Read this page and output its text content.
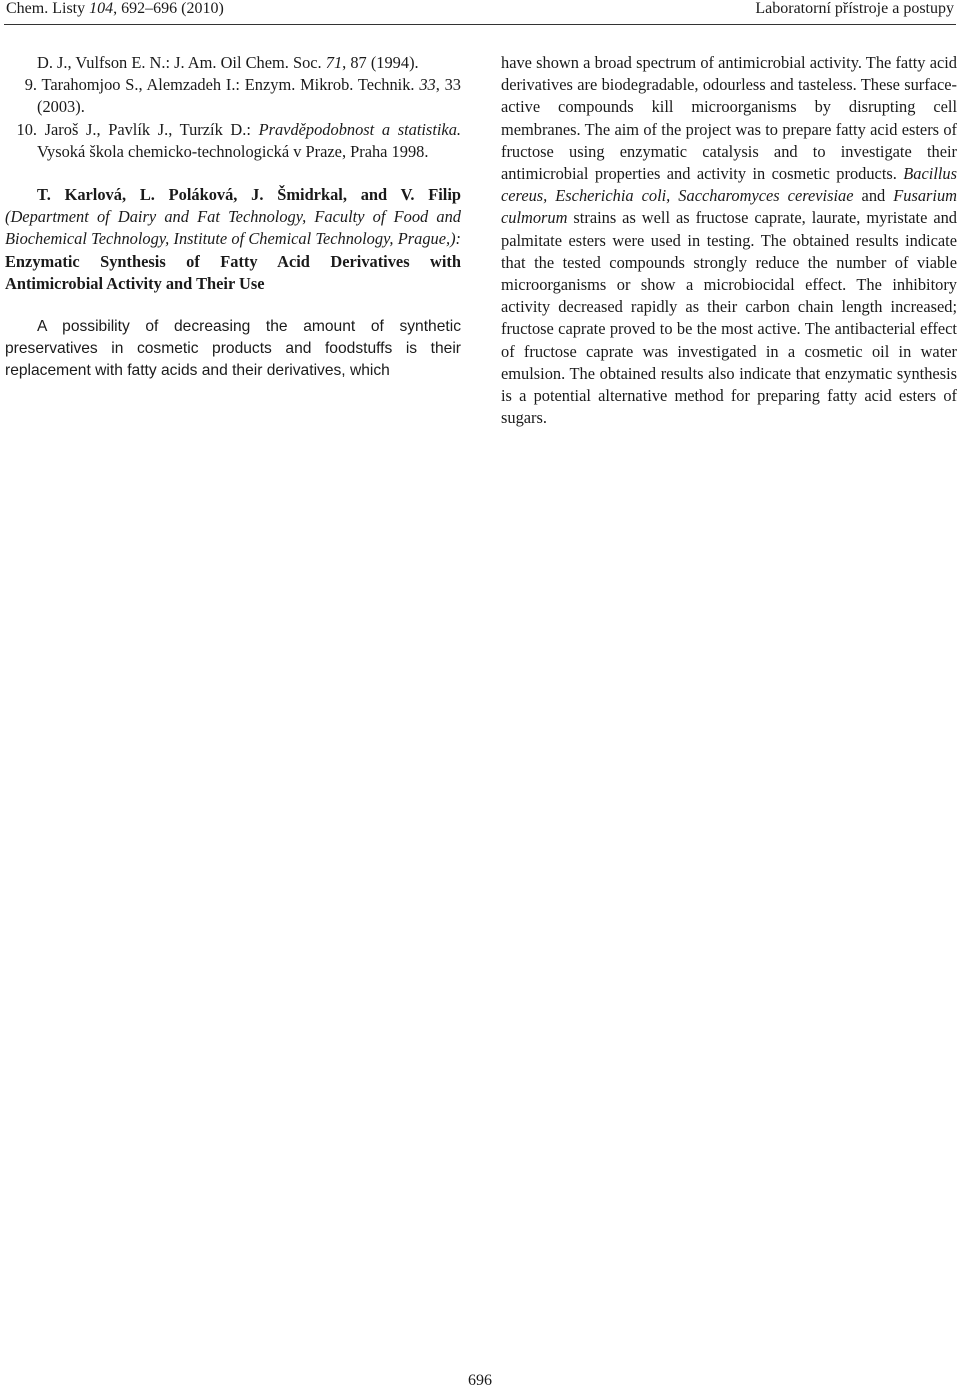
Chem. Listy 104, 692–696 (2010)	Laboratorní přístroje a postupy
D. J., Vulfson E. N.: J. Am. Oil Chem. Soc. 71, 87 (1994).
9. Tarahomjoo S., Alemzadeh I.: Enzym. Mikrob. Technik. 33, 33 (2003).
10. Jaroš J., Pavlík J., Turzík D.: Pravděpodobnost a statistika. Vysoká škola chemicko-technologická v Praze, Praha 1998.
T. Karlová, L. Poláková, J. Šmidrkal, and V. Filip (Department of Dairy and Fat Technology, Faculty of Food and Biochemical Technology, Institute of Chemical Technology, Prague,): Enzymatic Synthesis of Fatty Acid Derivatives with Antimicrobial Activity and Their Use
A possibility of decreasing the amount of synthetic preservatives in cosmetic products and foodstuffs is their replacement with fatty acids and their derivatives, which
have shown a broad spectrum of antimicrobial activity. The fatty acid derivatives are biodegradable, odourless and tasteless. These surface-active compounds kill microorganisms by disrupting cell membranes. The aim of the project was to prepare fatty acid esters of fructose using enzymatic catalysis and to investigate their antimicrobial properties and activity in cosmetic products. Bacillus cereus, Escherichia coli, Saccharomyces cerevisiae and Fusarium culmorum strains as well as fructose caprate, laurate, myristate and palmitate esters were used in testing. The obtained results indicate that the tested compounds strongly reduce the number of viable microorganisms or show a microbiocidal effect. The inhibitory activity decreased rapidly as their carbon chain length increased; fructose caprate proved to be the most active. The antibacterial effect of fructose caprate was investigated in a cosmetic oil in water emulsion. The obtained results also indicate that enzymatic synthesis is a potential alternative method for preparing fatty acid esters of sugars.
696
